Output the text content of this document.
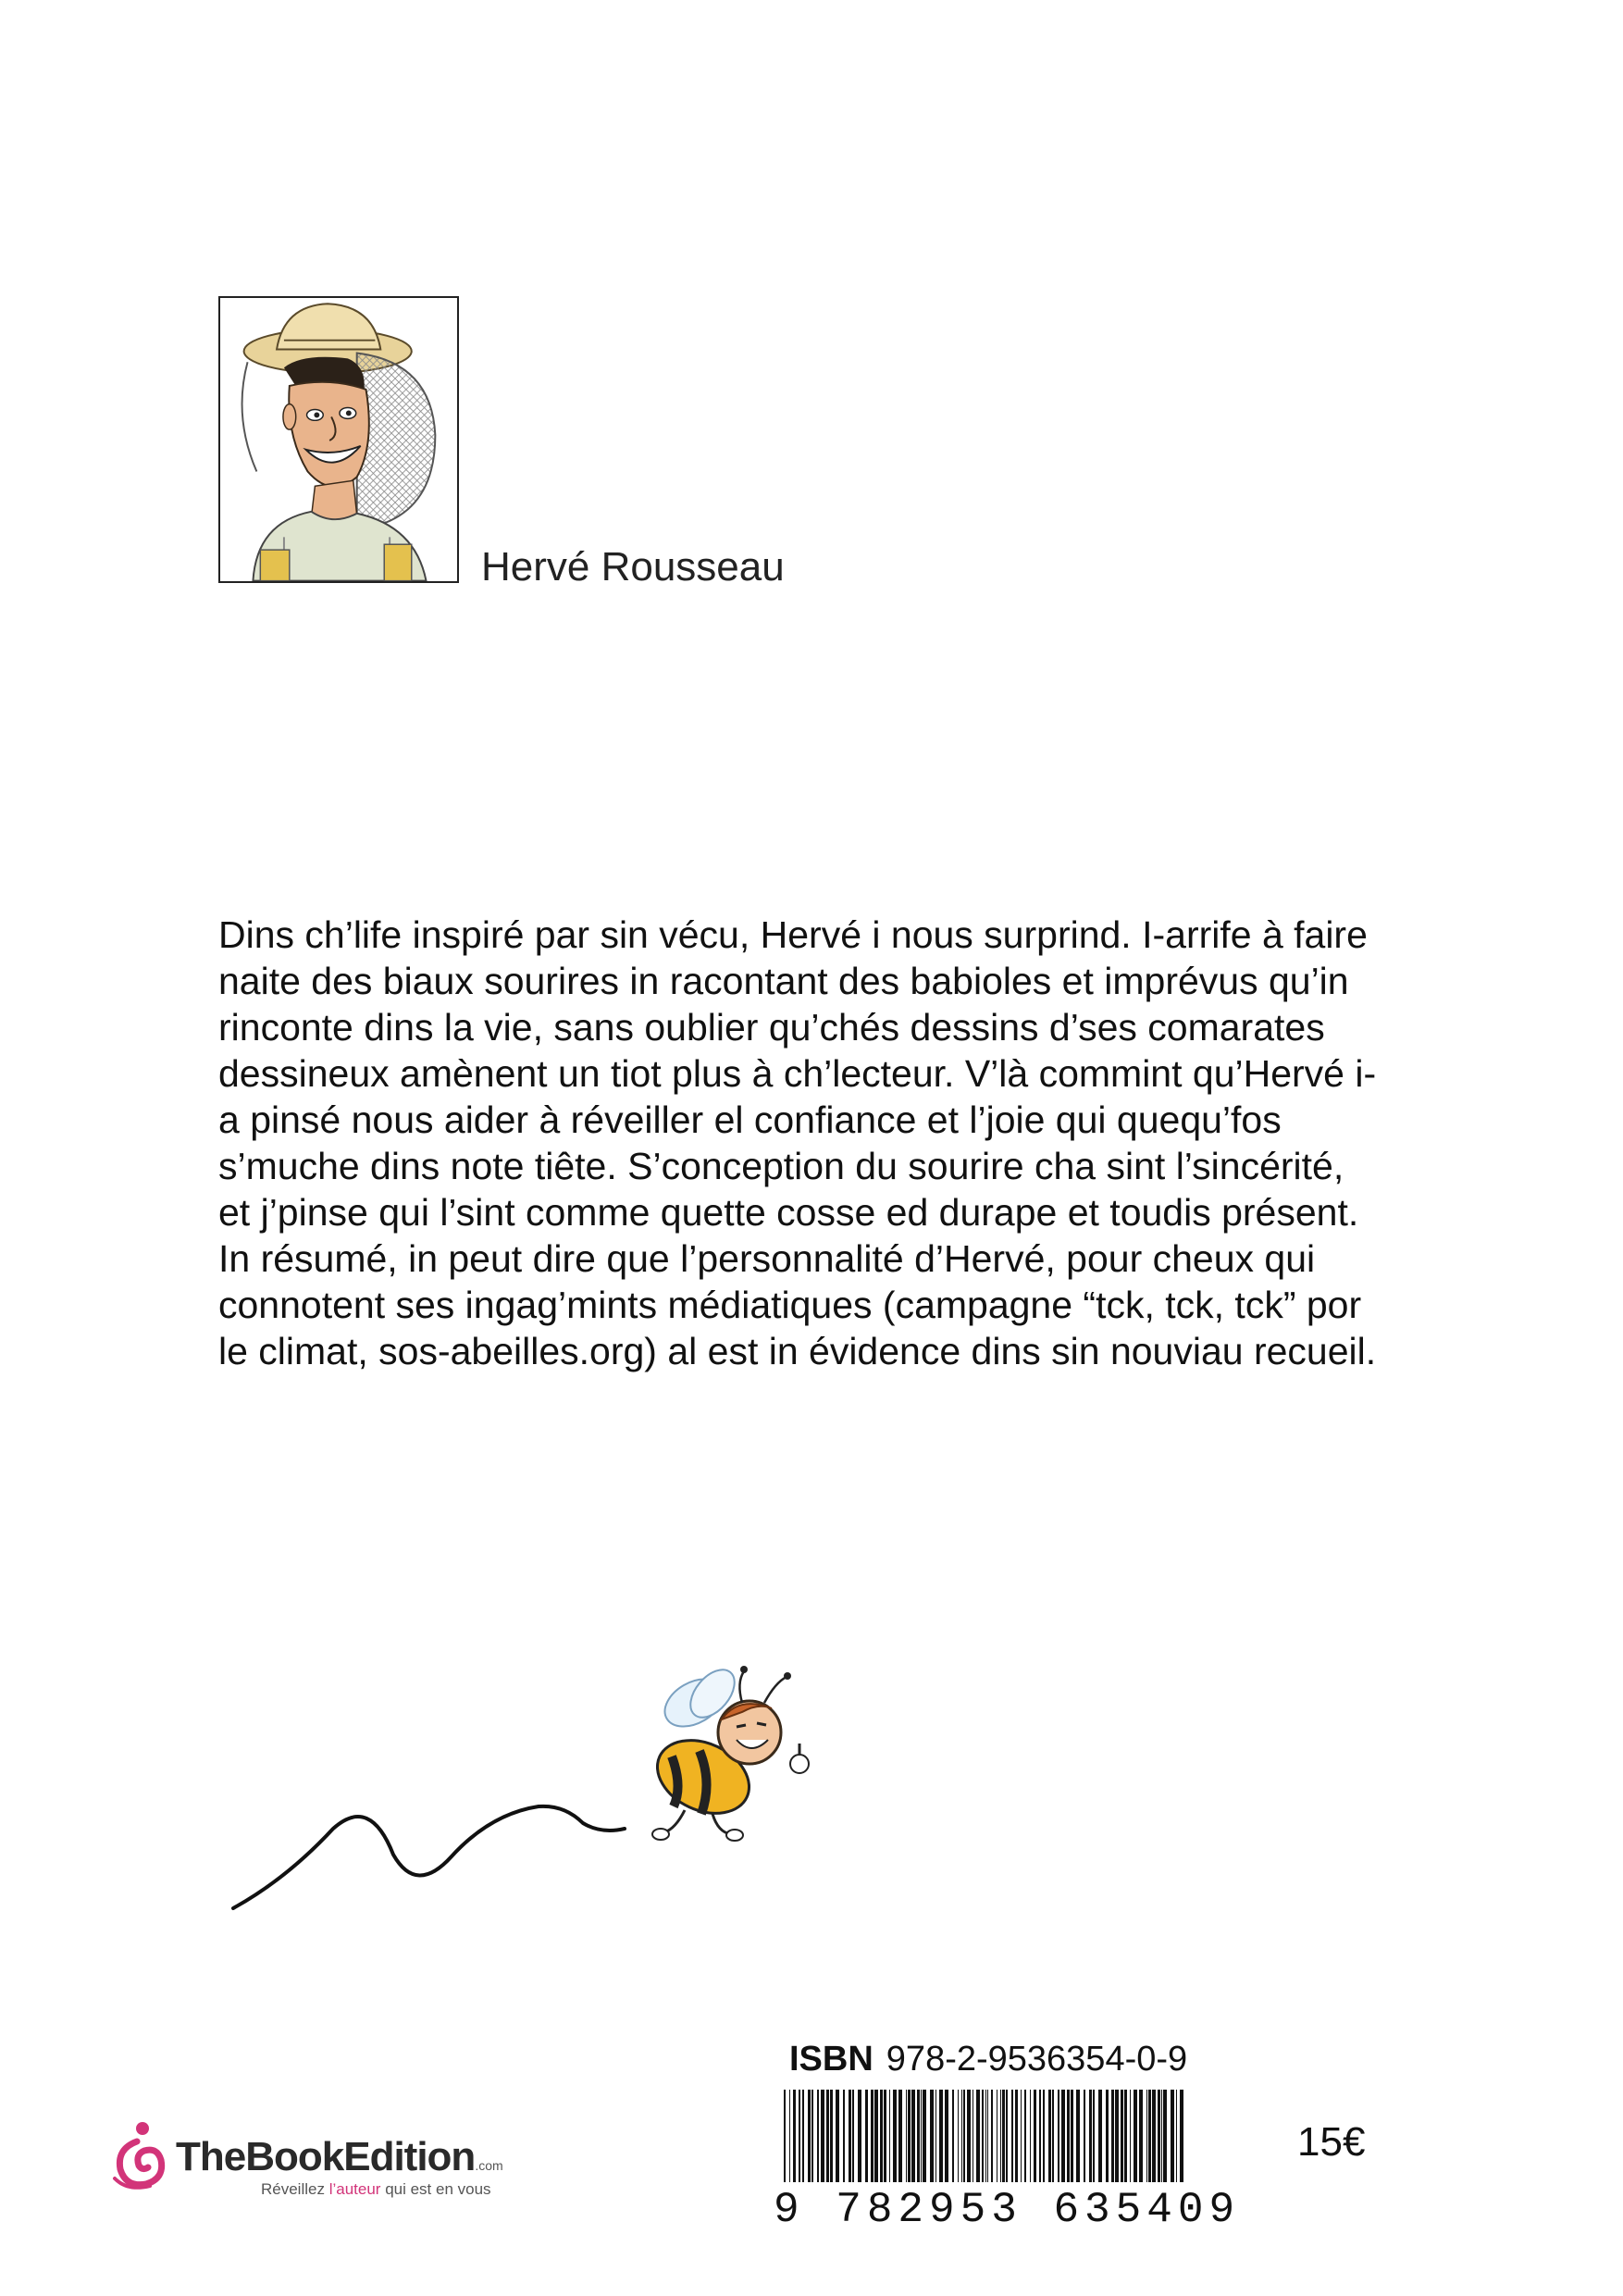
Hervé Rousseau

Dins ch’life inspiré par sin vécu, Hervé i nous surprind. I-arrife à faire naite des biaux sourires in racontant des babioles et imprévus qu’in rinconte dins la vie, sans oublier qu’chés dessins d’ses comarates dessineux amènent un tiot plus à ch’lecteur. V’là commint qu’Hervé i-a pinsé nous aider à réveiller el confiance et l’joie qui quequ’fos s’muche dins note tiête. S’conception du sourire cha sint l’sincérité, et j’pinse qui l’sint comme quette cosse ed durape et toudis présent.

In résumé, in peut dire que l’personnalité d’Hervé, pour cheux qui connotent ses ingag’mints médiatiques (campagne “tck, tck, tck” por le climat, sos-abeilles.org) al est in évidence dins sin nouviau recueil.

ISBN 978-2-9536354-0-9
9 782953 635409
15€
TheBookEdition.com
Réveillez l’auteur qui est en vous
